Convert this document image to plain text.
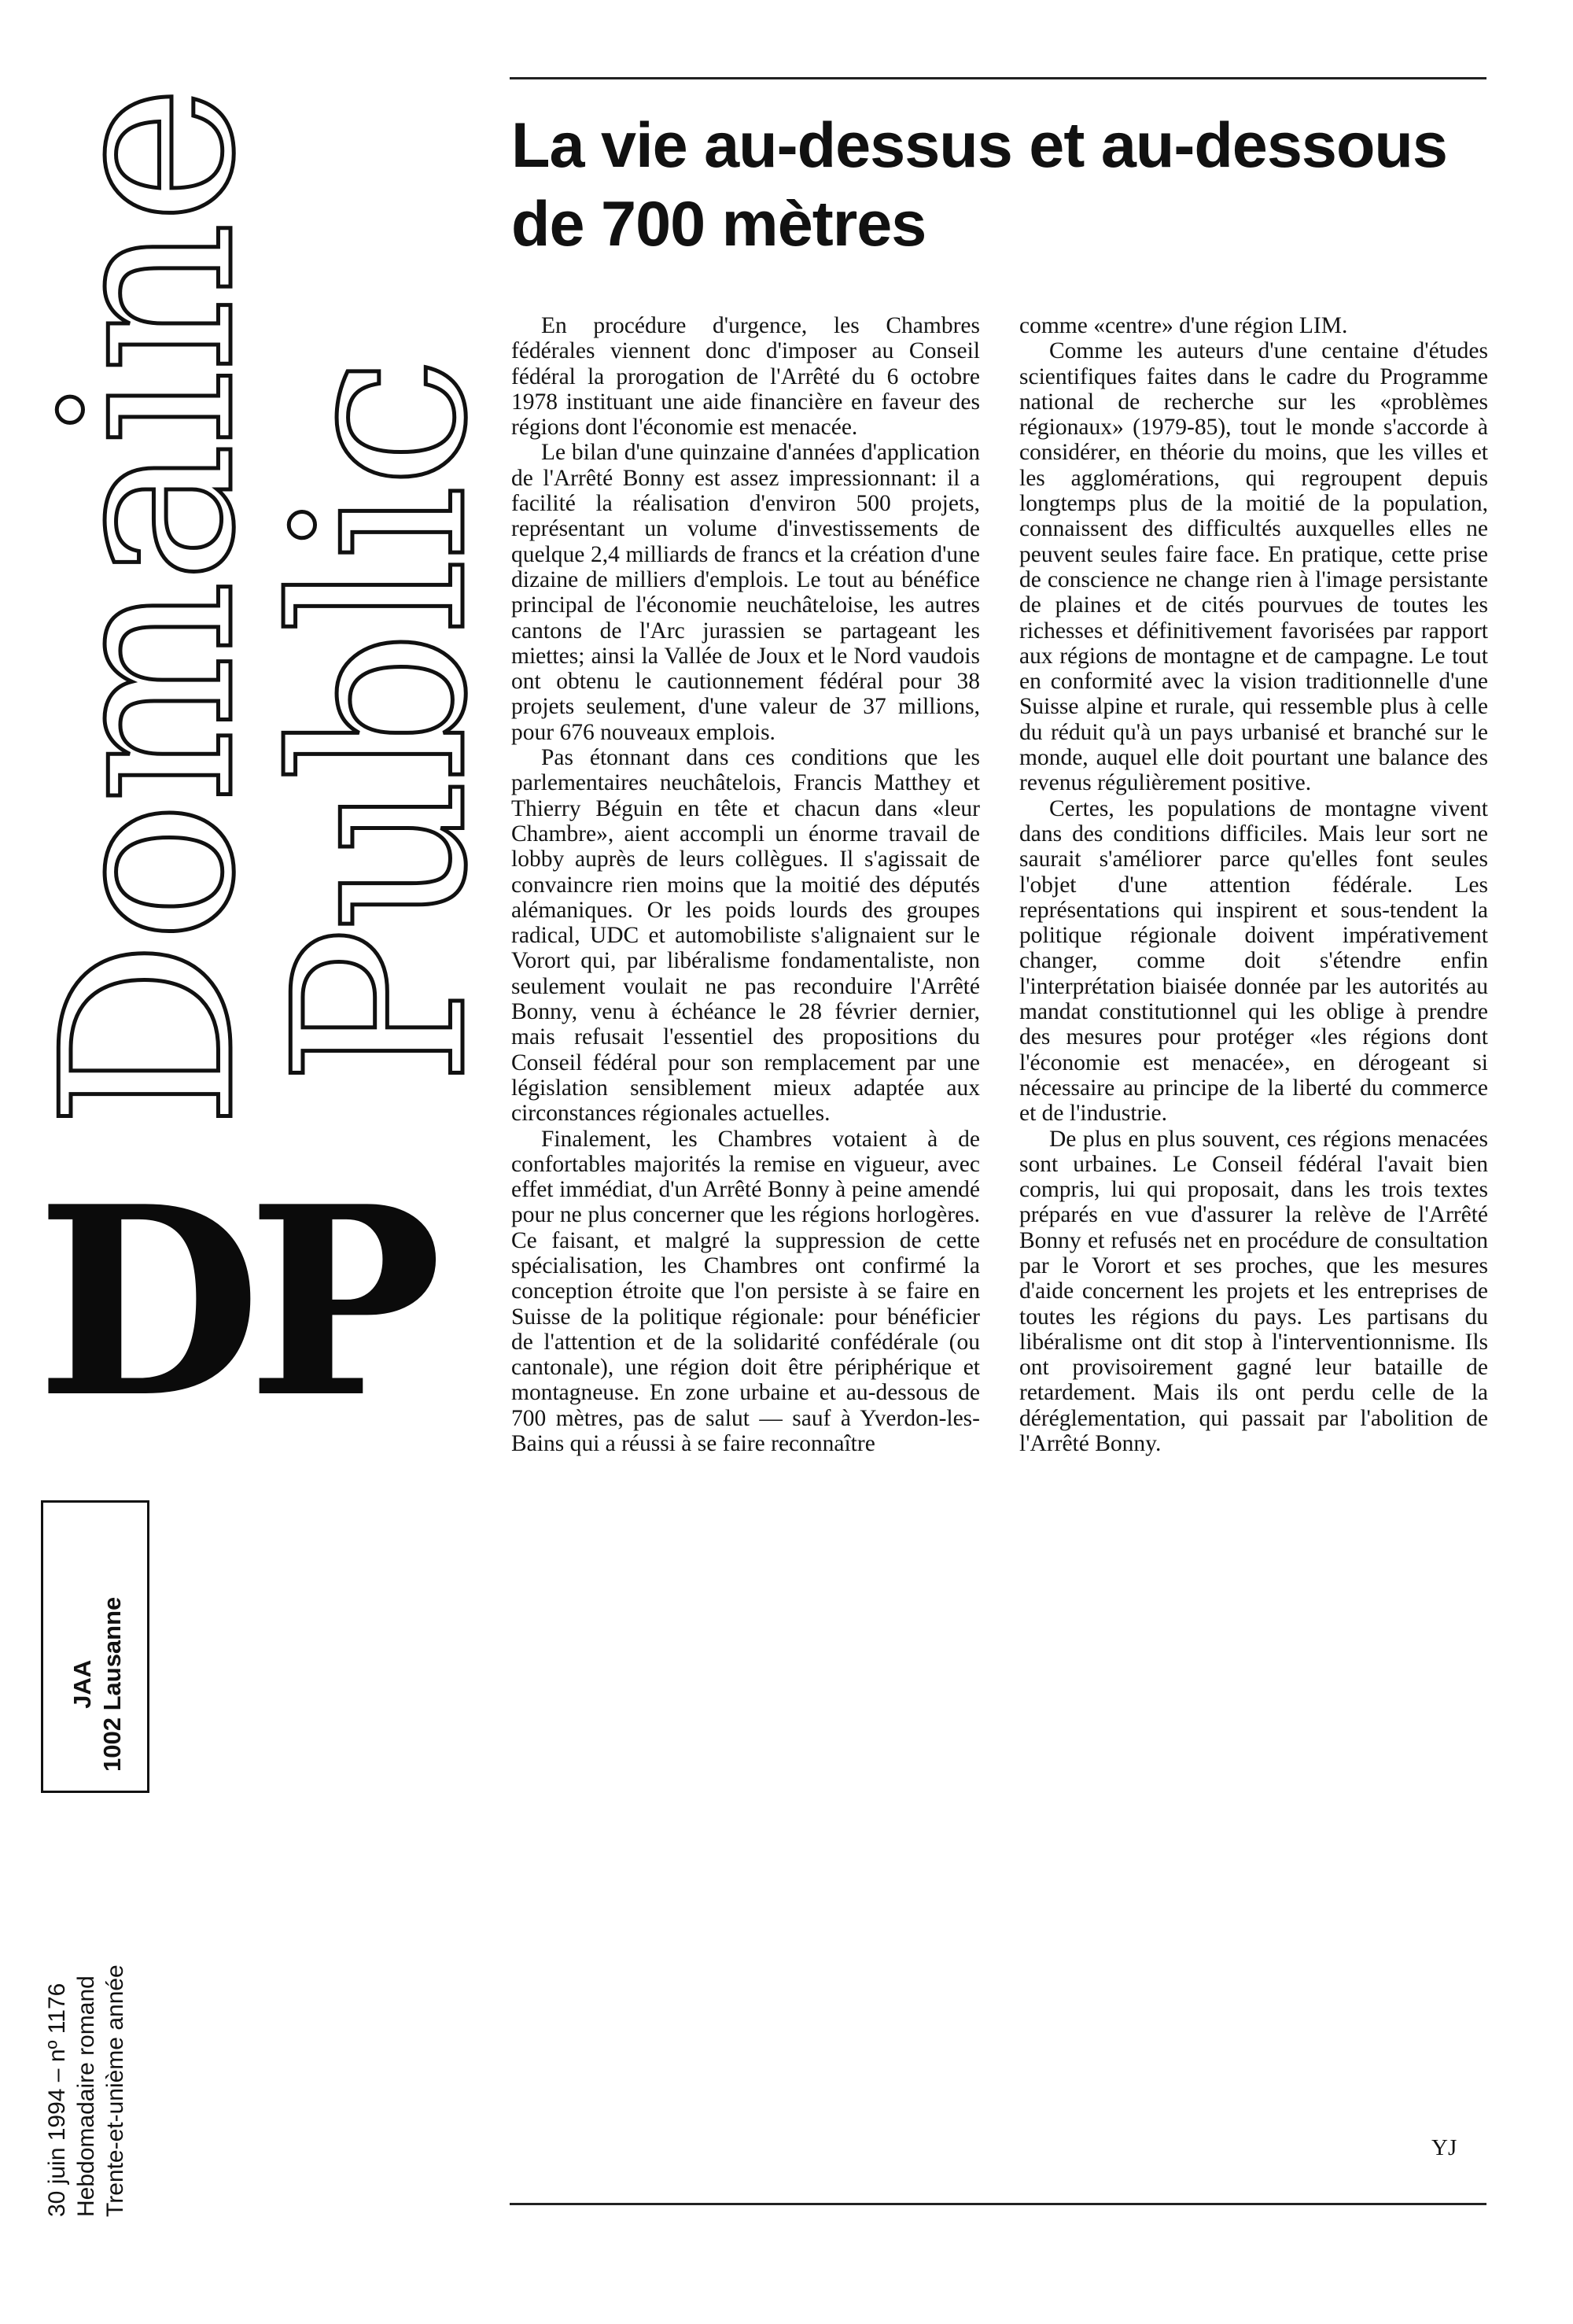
Domaine
Public
DP
JAA 1002 Lausanne
30 juin 1994 – nº 1176 Hebdomadaire romand Trente-et-unième année
La vie au-dessus et au-dessous de 700 mètres

En procédure d'urgence, les Chambres fédérales viennent donc d'imposer au Conseil fédéral la prorogation de l'Arrêté du 6 octobre 1978 instituant une aide financière en faveur des régions dont l'économie est menacée.

Le bilan d'une quinzaine d'années d'application de l'Arrêté Bonny est assez impressionnant: il a facilité la réalisation d'environ 500 projets, représentant un volume d'investissements de quelque 2,4 milliards de francs et la création d'une dizaine de milliers d'emplois. Le tout au bénéfice principal de l'économie neuchâteloise, les autres cantons de l'Arc jurassien se partageant les miettes; ainsi la Vallée de Joux et le Nord vaudois ont obtenu le cautionnement fédéral pour 38 projets seulement, d'une valeur de 37 millions, pour 676 nouveaux emplois.

Pas étonnant dans ces conditions que les parlementaires neuchâtelois, Francis Matthey et Thierry Béguin en tête et chacun dans «leur Chambre», aient accompli un énorme travail de lobby auprès de leurs collègues. Il s'agissait de convaincre rien moins que la moitié des députés alémaniques. Or les poids lourds des groupes radical, UDC et automobiliste s'alignaient sur le Vorort qui, par libéralisme fondamentaliste, non seulement voulait ne pas reconduire l'Arrêté Bonny, venu à échéance le 28 février dernier, mais refusait l'essentiel des propositions du Conseil fédéral pour son remplacement par une législation sensiblement mieux adaptée aux circonstances régionales actuelles.

Finalement, les Chambres votaient à de confortables majorités la remise en vigueur, avec effet immédiat, d'un Arrêté Bonny à peine amendé pour ne plus concerner que les régions horlogères. Ce faisant, et malgré la suppression de cette spécialisation, les Chambres ont confirmé la conception étroite que l'on persiste à se faire en Suisse de la politique régionale: pour bénéficier de l'attention et de la solidarité confédérale (ou cantonale), une région doit être périphérique et montagneuse. En zone urbaine et au-dessous de 700 mètres, pas de salut — sauf à Yverdon-les-Bains qui a réussi à se faire reconnaître

comme «centre» d'une région LIM.

Comme les auteurs d'une centaine d'études scientifiques faites dans le cadre du Programme national de recherche sur les «problèmes régionaux» (1979-85), tout le monde s'accorde à considérer, en théorie du moins, que les villes et les agglomérations, qui regroupent depuis longtemps plus de la moitié de la population, connaissent des difficultés auxquelles elles ne peuvent seules faire face. En pratique, cette prise de conscience ne change rien à l'image persistante de plaines et de cités pourvues de toutes les richesses et définitivement favorisées par rapport aux régions de montagne et de campagne. Le tout en conformité avec la vision traditionnelle d'une Suisse alpine et rurale, qui ressemble plus à celle du réduit qu'à un pays urbanisé et branché sur le monde, auquel elle doit pourtant une balance des revenus régulièrement positive.

Certes, les populations de montagne vivent dans des conditions difficiles. Mais leur sort ne saurait s'améliorer parce qu'elles font seules l'objet d'une attention fédérale. Les représentations qui inspirent et sous-tendent la politique régionale doivent impérativement changer, comme doit s'étendre enfin l'interprétation biaisée donnée par les autorités au mandat constitutionnel qui les oblige à prendre des mesures pour protéger «les régions dont l'économie est menacée», en dérogeant si nécessaire au principe de la liberté du commerce et de l'industrie.

De plus en plus souvent, ces régions menacées sont urbaines. Le Conseil fédéral l'avait bien compris, lui qui proposait, dans les trois textes préparés en vue d'assurer la relève de l'Arrêté Bonny et refusés net en procédure de consultation par le Vorort et ses proches, que les mesures d'aide concernent les projets et les entreprises de toutes les régions du pays. Les partisans du libéralisme ont dit stop à l'interventionnisme. Ils ont provisoirement gagné leur bataille de retardement. Mais ils ont perdu celle de la déréglementation, qui passait par l'abolition de l'Arrêté Bonny.

YJ
